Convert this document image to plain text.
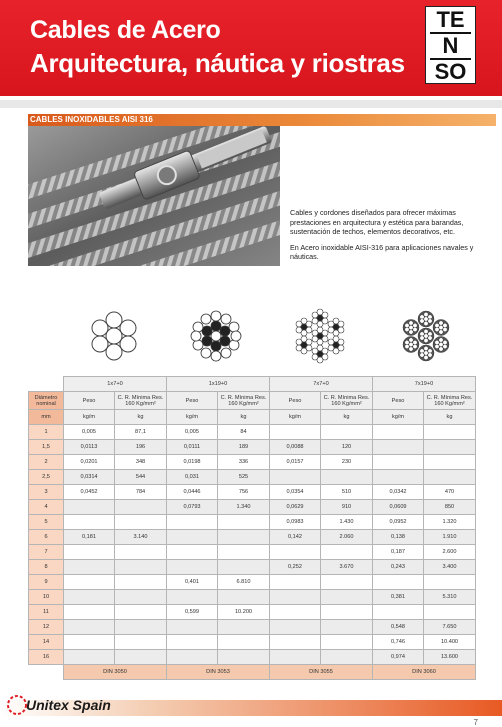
Cables de Acero
Arquitectura, náutica y riostras
TE
N
SO
CABLES INOXIDABLES AISI 316

Cables y cordones diseñados para ofrecer máximas prestaciones en arquitectura y estética para barandas, sustentación de techos, elementos decorativos, etc.

En Acero inoxidable AISI-316 para aplicaciones navales y náuticas.

	1x7+0		1x19+0		7x7+0		7x19+0	
Diámetro nominal	Peso	C. R. Mínima Res. 160 Kg/mm²	Peso	C. R. Mínima Res. 160 Kg/mm²	Peso	C. R. Mínima Res. 160 Kg/mm²	Peso	C. R. Mínima Res. 160 Kg/mm²
mm	kg/m	kg	kg/m	kg	kg/m	kg	kg/m	kg
1	0,005	87,1	0,005	84				
1,5	0,0113	196	0,0111	189	0,0088	120		
2	0,0201	348	0,0198	336	0,0157	230		
2,5	0,0314	544	0,031	525				
3	0,0452	784	0,0446	756	0,0354	510	0,0342	470
4			0,0793	1.340	0,0629	910	0,0609	850
5					0,0983	1.430	0,0952	1.320
6	0,181	3.140			0,142	2.060	0,138	1.910
7							0,187	2.600
8					0,252	3.670	0,243	3.400
9			0,401	6.810				
10							0,381	5.310
11			0,599	10.200				
12							0,548	7.650
14							0,746	10.400
16							0,974	13.600
	DIN 3050		DIN 3053		DIN 3055		DIN 3060	
Unitex Spain
7
